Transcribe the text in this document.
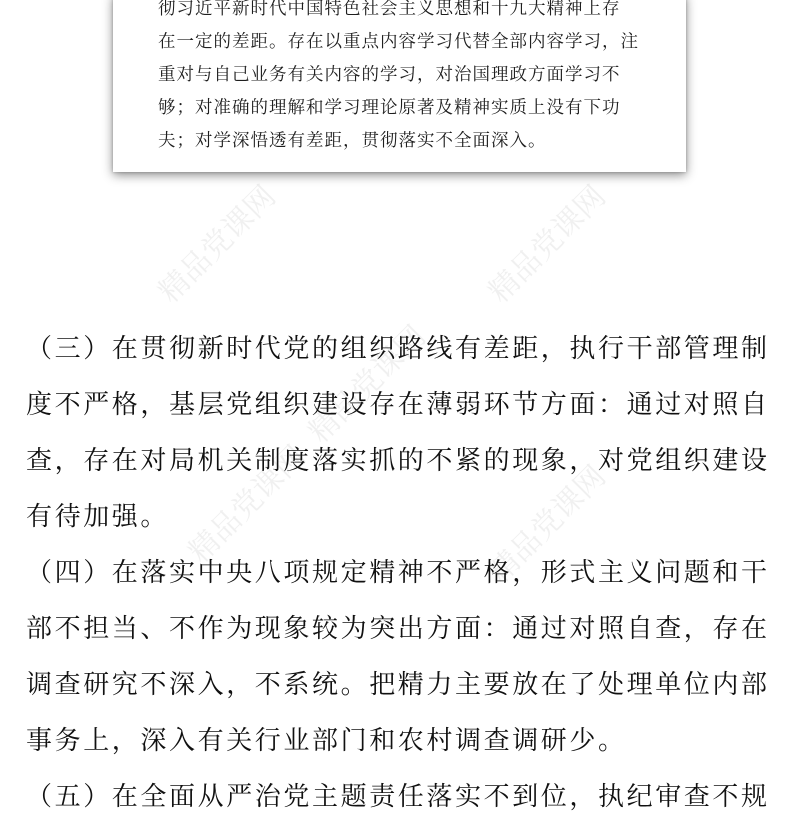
彻习近平新时代中国特色社会主义思想和十九大精神上存
在一定的差距。存在以重点内容学习代替全部内容学习，注
重对与自己业务有关内容的学习，对治国理政方面学习不
够；对准确的理解和学习理论原著及精神实质上没有下功
夫；对学深悟透有差距，贯彻落实不全面深入。
精品党课网	精品党课网
精品党课网
精品党课网	精品党课网
（三）在贯彻新时代党的组织路线有差距，执行干部管理制
度不严格，基层党组织建设存在薄弱环节方面：通过对照自
查，存在对局机关制度落实抓的不紧的现象，对党组织建设
有待加强。
（四）在落实中央八项规定精神不严格，形式主义问题和干
部不担当、不作为现象较为突出方面：通过对照自查，存在
调查研究不深入，不系统。把精力主要放在了处理单位内部
事务上，深入有关行业部门和农村调查调研少。
（五）在全面从严治党主题责任落实不到位，执纪审查不规
